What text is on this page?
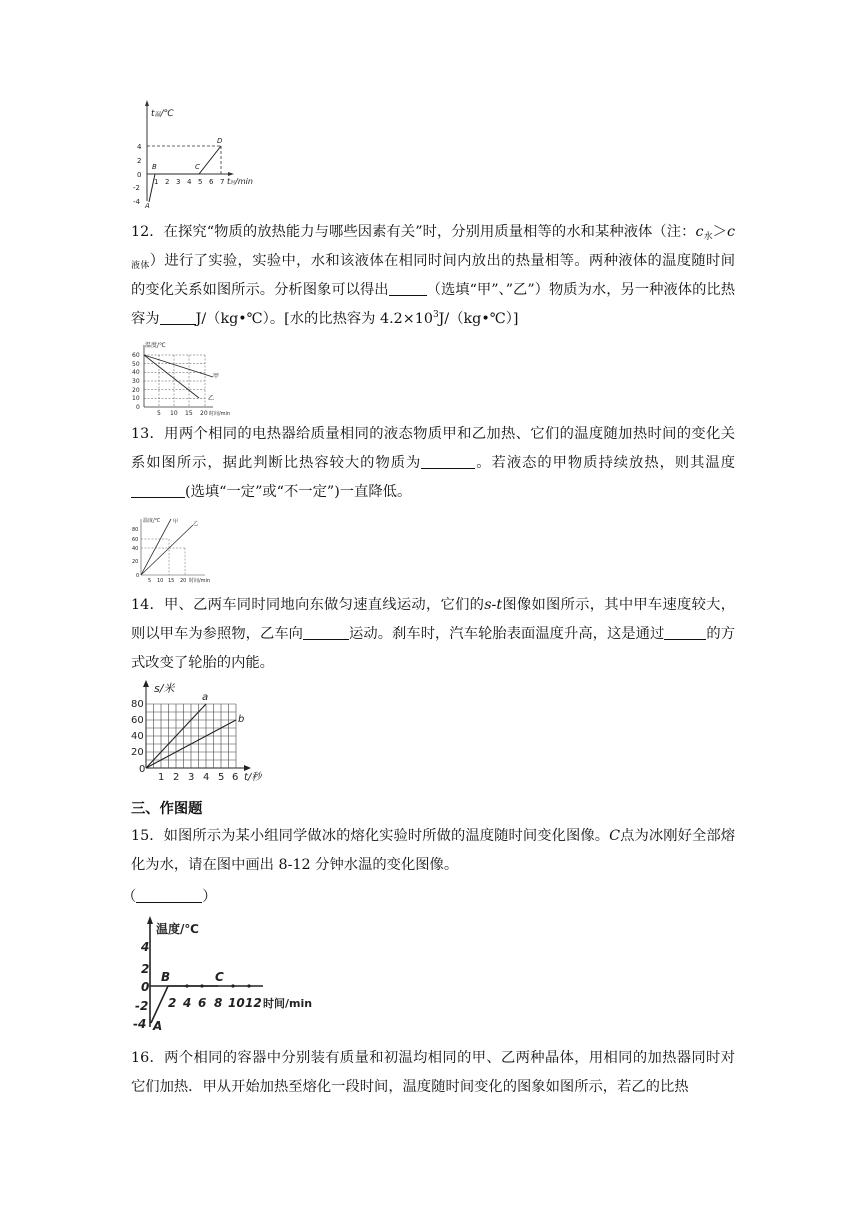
t温/℃
4
2
0
-2
-4
1 2 3 4 5 6 7 t时/min
A
B	C
D

12．在探究“物质的放热能力与哪些因素有关”时，分别用质量相等的水和某种液体（注：$c_水>c_{液体}$）进行了实验，实验中，水和该液体在相同时间内放出的热量相等。两种液体的温度随时间的变化关系如图所示。分析图象可以得出	（选填“甲”、”乙”）物质为水，另一种液体的比热容为	J/（kg•℃）。[水的比热容为 $4.2\times 10^3J/(kg•℃)$]

温度/℃
60
50
40
30
20
10
0
5 10 15 20 时间/min
甲
乙

13．用两个相同的电热器给质量相同的液态物质甲和乙加热、它们的温度随加热时间的变化关系如图所示，据此判断比热容较大的物质为	。若液态的甲物质持续放热，则其温度(选填“一定”或“不一定”)一直降低。

温度/℃
80
60
40
20
0
5 10 15 20 时间/min
甲	乙

14．甲、乙两车同时同地向东做匀速直线运动，它们的s-t图像如图所示，其中甲车速度较大，则以甲车为参照物，乙车向	运动。刹车时，汽车轮胎表面温度升高，这是通过	的方式改变了轮胎的内能。

s/米
80
60
40
20
0
1 2 3 4 5 6 t/秒
a
b
三、作图题

15．如图所示为某小组同学做冰的熔化实验时所做的温度随时间变化图像。C点为冰刚好全部熔化为水，请在图中画出 8-12 分钟水温的变化图像。

（	）
温度/℃
4
2
0
-2
-4
2 4 6 8 10 12 时间/min
A
B	C

16．两个相同的容器中分别装有质量和初温均相同的甲、乙两种晶体，用相同的加热器同时对它们加热．甲从开始加热至熔化一段时间，温度随时间变化的图象如图所示，若乙的比热
